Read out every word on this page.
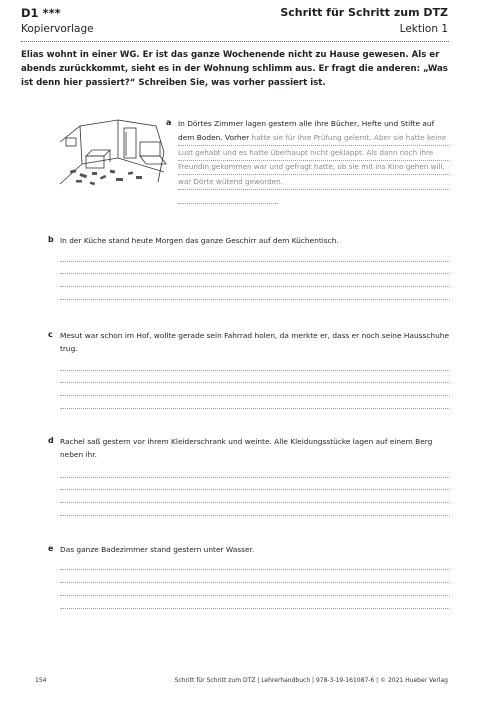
D1 ***
Kopiervorlage
Schritt für Schritt zum DTZ
Lektion 1
Elias wohnt in einer WG. Er ist das ganze Wochenende nicht zu Hause gewesen. Als er abends zurückkommt, sieht es in der Wohnung schlimm aus. Er fragt die anderen: „Was ist denn hier passiert?“ Schreiben Sie, was vorher passiert ist.
a In Dörtes Zimmer lagen gestern alle ihre Bücher, Hefte und Stifte auf dem Boden. Vorher hatte sie für ihre Prüfung gelernt. Aber sie hatte keine Lust gehabt und es hatte überhaupt nicht geklappt. Als dann noch ihre Freundin gekommen war und gefragt hatte, ob sie mit ins Kino gehen will, war Dörte wütend geworden.
b In der Küche stand heute Morgen das ganze Geschirr auf dem Küchentisch.
c Mesut war schon im Hof, wollte gerade sein Fahrrad holen, da merkte er, dass er noch seine Hausschuhe trug.
d Rachel saß gestern vor ihrem Kleiderschrank und weinte. Alle Kleidungsstücke lagen auf einem Berg neben ihr.
e Das ganze Badezimmer stand gestern unter Wasser.
154	Schritt für Schritt zum DTZ | Lehrerhandbuch | 978-3-19-161087-6 | © 2021 Hueber Verlag
